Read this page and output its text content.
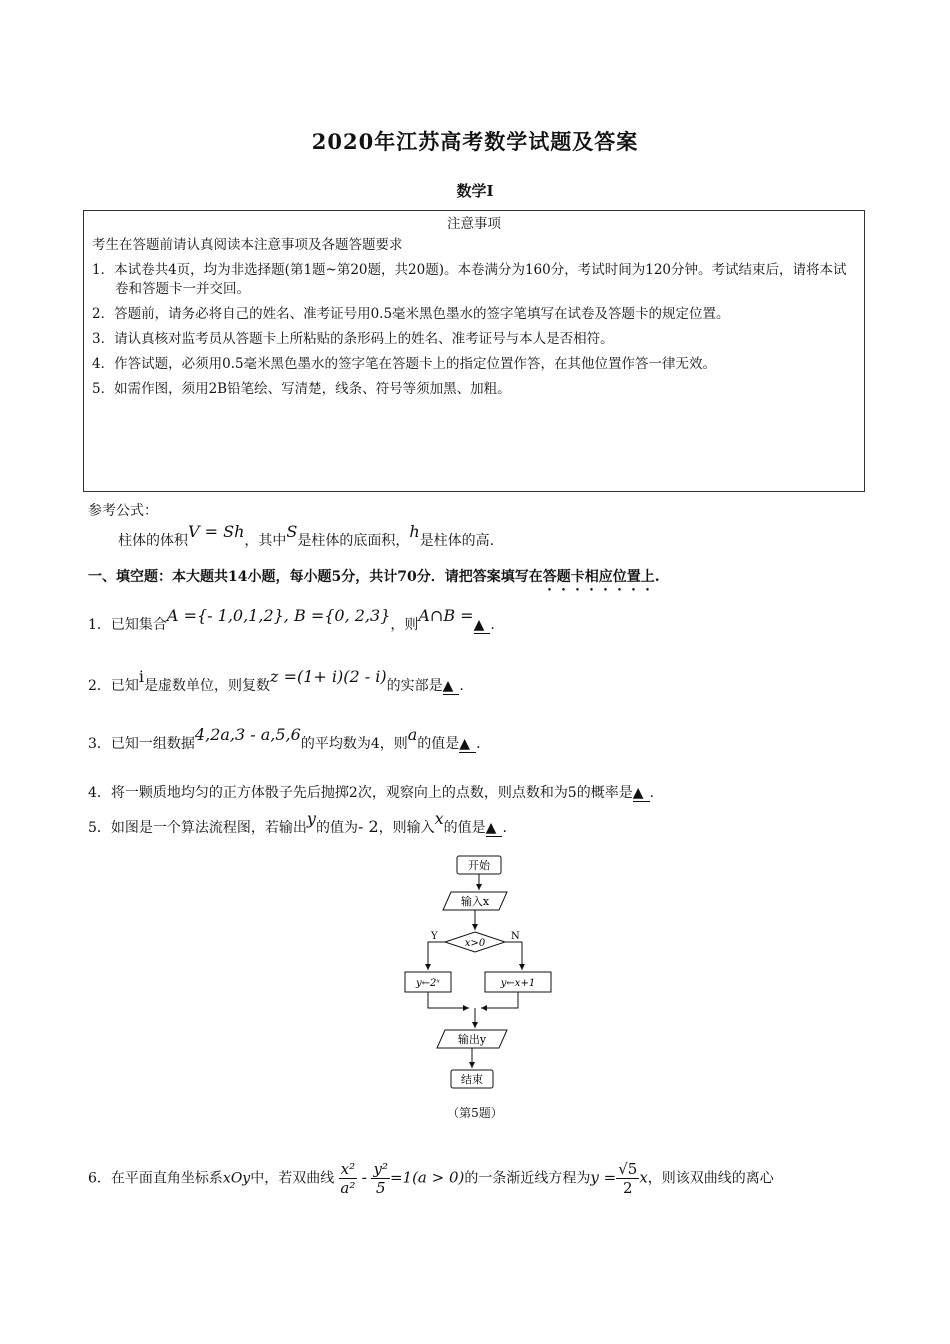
2020年江苏高考数学试题及答案
数学Ⅰ
注意事项
考生在答题前请认真阅读本注意事项及各题答题要求
1．本试卷共4页，均为非选择题(第1题~第20题，共20题)。本卷满分为160分，考试时间为120分钟。考试结束后，请将本试卷和答题卡一并交回。
2．答题前，请务必将自己的姓名、准考证号用0.5毫米黑色墨水的签字笔填写在试卷及答题卡的规定位置。
3．请认真核对监考员从答题卡上所粘贴的条形码上的姓名、准考证号与本人是否相符。
4．作答试题，必须用0.5毫米黑色墨水的签字笔在答题卡上的指定位置作答，在其他位置作答一律无效。
5．如需作图，须用2B铅笔绘、写清楚，线条、符号等须加黑、加粗。
参考公式：
柱体的体积V = Sh，其中S是柱体的底面积，h是柱体的高.
一、填空题：本大题共14小题，每小题5分，共计70分．请把答案填写在答题卡相应位置上.
1．已知集合A ={- 1,0,1,2}, B ={0, 2,3}，则A∩B =▲ .
2．已知i是虚数单位，则复数z =(1+ i)(2 - i)的实部是▲ .
3．已知一组数据4,2a,3 - a,5,6的平均数为4，则a的值是▲ .
4．将一颗质地均匀的正方体骰子先后抛掷2次，观察向上的点数，则点数和为5的概率是▲ .
5．如图是一个算法流程图，若输出y的值为- 2，则输入x的值是▲ .
开始
输入x
x>0
Y	N
y←2ˣ	y←x+1
输出y
结束
（第5题）
6．在平面直角坐标系xOy中，若双曲线 $\frac{\text{x²}}{\text{a²}} - \frac{\text{y²}}{5} =1(a > 0)$的一条渐近线方程为$y = \frac{√5}{2}$ x，则该双曲线的离心
